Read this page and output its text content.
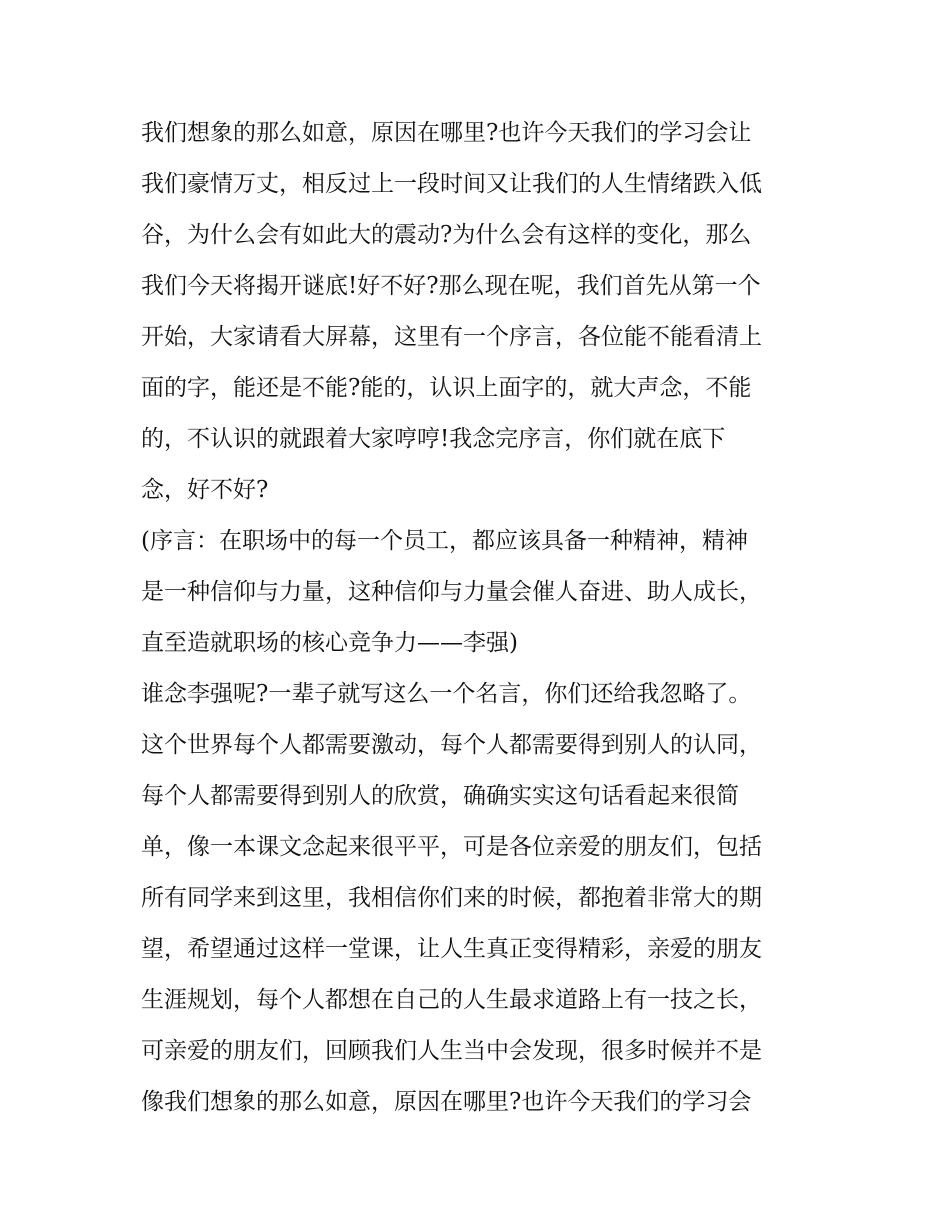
我们想象的那么如意，原因在哪里?也许今天我们的学习会让
我们豪情万丈，相反过上一段时间又让我们的人生情绪跌入低
谷，为什么会有如此大的震动?为什么会有这样的变化，那么
我们今天将揭开谜底!好不好?那么现在呢，我们首先从第一个
开始，大家请看大屏幕，这里有一个序言，各位能不能看清上
面的字，能还是不能?能的，认识上面字的，就大声念，不能
的，不认识的就跟着大家哼哼!我念完序言，你们就在底下
念，好不好?
(序言：在职场中的每一个员工，都应该具备一种精神，精神
是一种信仰与力量，这种信仰与力量会催人奋进、助人成长，
直至造就职场的核心竞争力——李强)
谁念李强呢?一辈子就写这么一个名言，你们还给我忽略了。
这个世界每个人都需要激动，每个人都需要得到别人的认同，
每个人都需要得到别人的欣赏，确确实实这句话看起来很简
单，像一本课文念起来很平平，可是各位亲爱的朋友们，包括
所有同学来到这里，我相信你们来的时候，都抱着非常大的期
望，希望通过这样一堂课，让人生真正变得精彩，亲爱的朋友
生涯规划，每个人都想在自己的人生最求道路上有一技之长，
可亲爱的朋友们，回顾我们人生当中会发现，很多时候并不是
像我们想象的那么如意，原因在哪里?也许今天我们的学习会
